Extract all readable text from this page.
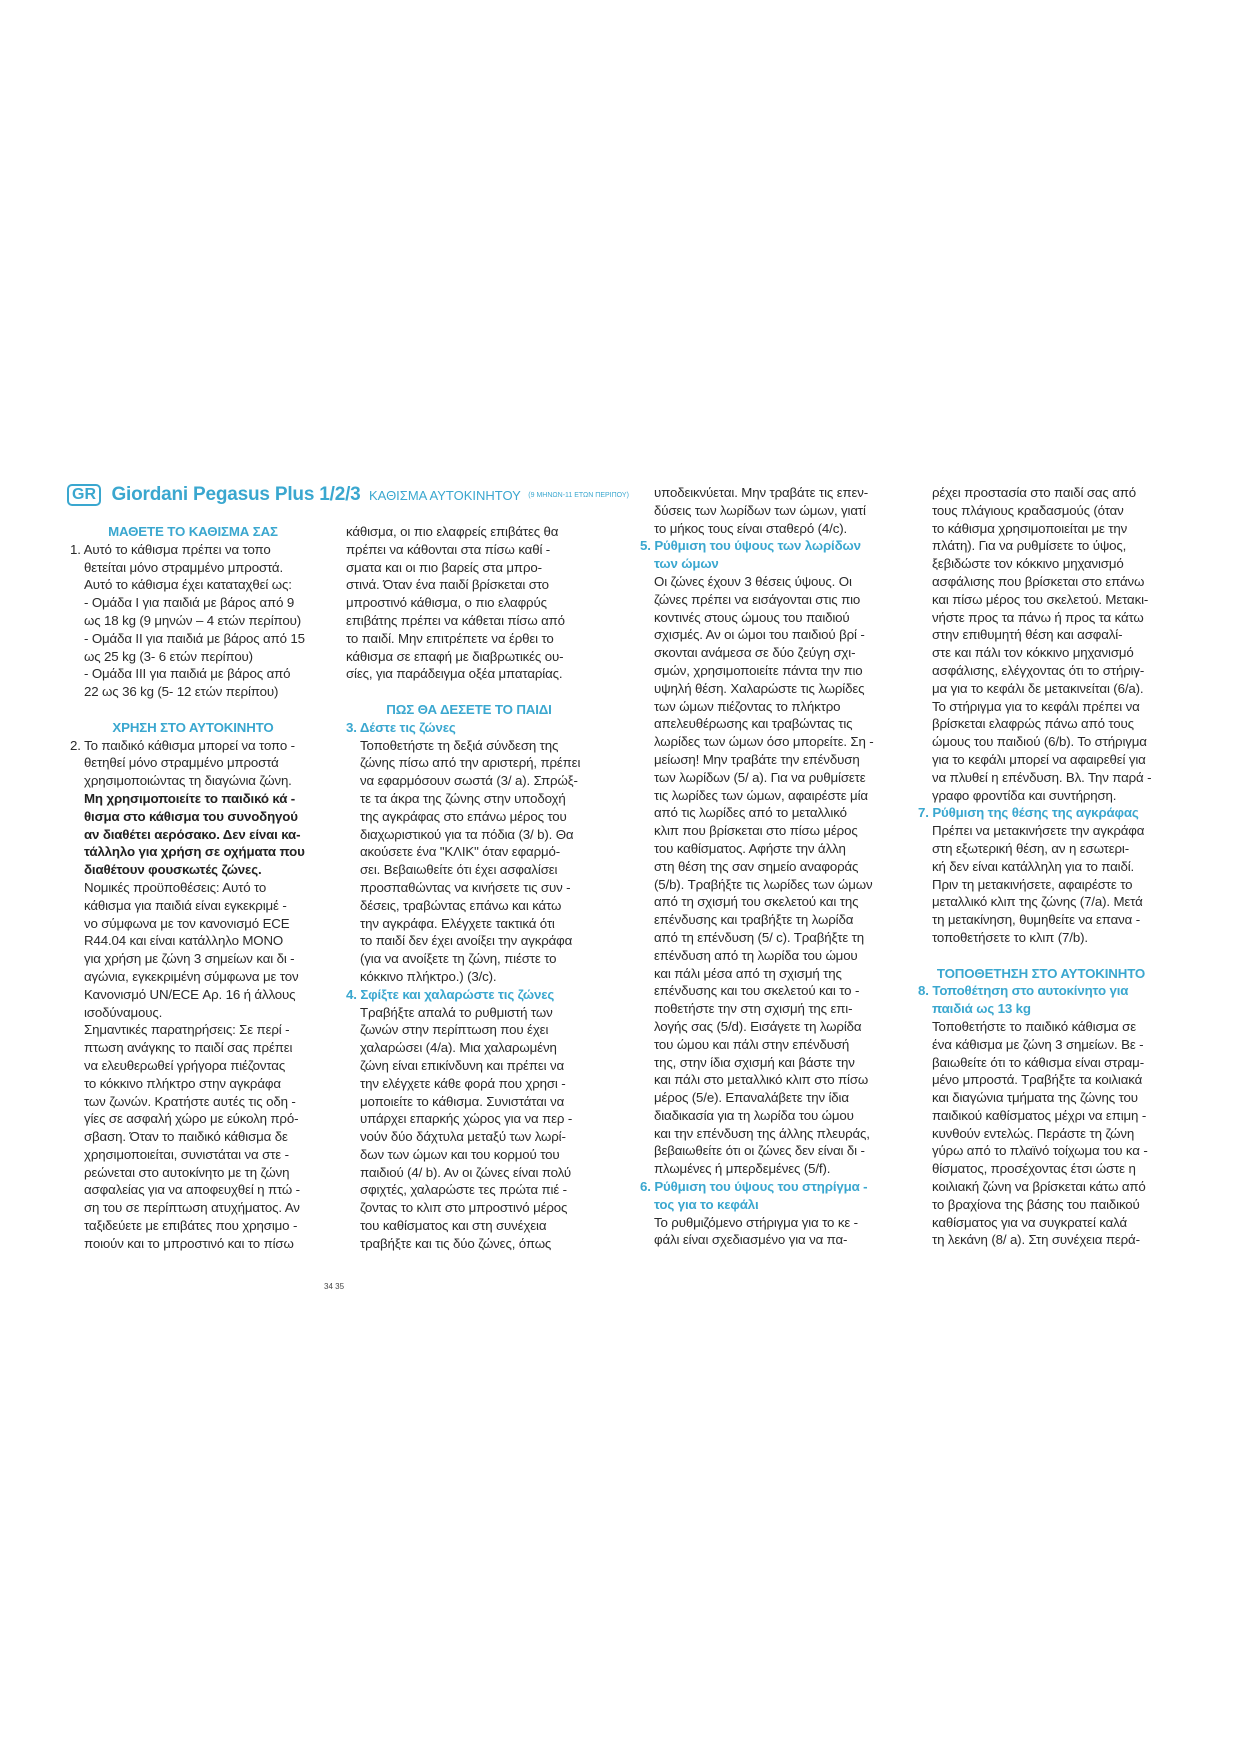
GR Giordani Pegasus Plus 1/2/3 ΚΑΘΙΣΜΑ ΑΥΤΟΚΙΝΗΤΟΥ (9 ΜΗΝΩΝ-11 ΕΤΩΝ ΠΕΡΙΠΟΥ)
ΜΑΘΕΤΕ ΤΟ ΚΑΘΙΣΜΑ ΣΑΣ
1. Αυτό το κάθισμα πρέπει να τοπο
θετείται μόνο στραμμένο μπροστά.
Αυτό το κάθισμα έχει καταταχθεί ως:
- Ομάδα I για παιδιά με βάρος από 9
ως 18 kg (9 μηνών – 4 ετών περίπου)
- Ομάδα II για παιδιά με βάρος από 15
ως 25 kg (3- 6 ετών περίπου)
- Ομάδα III για παιδιά με βάρος από
22 ως 36 kg (5- 12 ετών περίπου)
ΧΡΗΣΗ ΣΤΟ ΑΥΤΟΚΙΝΗΤΟ
2. Το παιδικό κάθισμα μπορεί να τοπο -
θετηθεί μόνο στραμμένο μπροστά
χρησιμοποιώντας τη διαγώνια ζώνη.
Μη χρησιμοποιείτε το παιδικό κά -
θισμα στο κάθισμα του συνοδηγού
αν διαθέτει αερόσακο. Δεν είναι κα-
τάλληλο για χρήση σε οχήματα που
διαθέτουν φουσκωτές ζώνες.
Νομικές προϋποθέσεις: Αυτό το
κάθισμα για παιδιά είναι εγκεκριμέ -
νο σύμφωνα με τον κανονισμό ECE
R44.04 και είναι κατάλληλο ΜΟΝΟ
για χρήση με ζώνη 3 σημείων και δι -
αγώνια, εγκεκριμένη σύμφωνα με τον
Κανονισμό UN/ECE Αρ. 16 ή άλλους
ισοδύναμους.
Σημαντικές παρατηρήσεις: Σε περί -
πτωση ανάγκης το παιδί σας πρέπει
να ελευθερωθεί γρήγορα πιέζοντας
το κόκκινο πλήκτρο στην αγκράφα
των ζωνών. Κρατήστε αυτές τις οδη -
γίες σε ασφαλή χώρο με εύκολη πρό-
σβαση. Όταν το παιδικό κάθισμα δε
χρησιμοποιείται, συνιστάται να στε -
ρεώνεται στο αυτοκίνητο με τη ζώνη
ασφαλείας για να αποφευχθεί η πτώ -
ση του σε περίπτωση ατυχήματος. Αν
ταξιδεύετε με επιβάτες που χρησιμο -
ποιούν και το μπροστινό και το πίσω
κάθισμα, οι πιο ελαφρείς επιβάτες θα
πρέπει να κάθονται στα πίσω καθί -
σματα και οι πιο βαρείς στα μπρο-
στινά. Όταν ένα παιδί βρίσκεται στο
μπροστινό κάθισμα, ο πιο ελαφρύς
επιβάτης πρέπει να κάθεται πίσω από
το παιδί. Μην επιτρέπετε να έρθει το
κάθισμα σε επαφή με διαβρωτικές ου-
σίες, για παράδειγμα οξέα μπαταρίας.
ΠΩΣ ΘΑ ΔΕΣΕΤΕ ΤΟ ΠΑΙΔΙ
3. Δέστε τις ζώνες
Τοποθετήστε τη δεξιά σύνδεση της
ζώνης πίσω από την αριστερή, πρέπει
να εφαρμόσουν σωστά (3/ a). Σπρώξ-
τε τα άκρα της ζώνης στην υποδοχή
της αγκράφας στο επάνω μέρος του
διαχωριστικού για τα πόδια (3/ b). Θα
ακούσετε ένα "ΚΛΙΚ" όταν εφαρμό-
σει. Βεβαιωθείτε ότι έχει ασφαλίσει
προσπαθώντας να κινήσετε τις συν -
δέσεις, τραβώντας επάνω και κάτω
την αγκράφα. Ελέγχετε τακτικά ότι
το παιδί δεν έχει ανοίξει την αγκράφα
(για να ανοίξετε τη ζώνη, πιέστε το
κόκκινο πλήκτρο.) (3/c).
4. Σφίξτε και χαλαρώστε τις ζώνες
Τραβήξτε απαλά το ρυθμιστή των
ζωνών στην περίπτωση που έχει
χαλαρώσει (4/a). Μια χαλαρωμένη
ζώνη είναι επικίνδυνη και πρέπει να
την ελέγχετε κάθε φορά που χρησι -
μοποιείτε το κάθισμα. Συνιστάται να
υπάρχει επαρκής χώρος για να περ -
νούν δύο δάχτυλα μεταξύ των λωρί-
δων των ώμων και του κορμού του
παιδιού (4/ b). Αν οι ζώνες είναι πολύ
σφιχτές, χαλαρώστε τες πρώτα πιέ -
ζοντας το κλιπ στο μπροστινό μέρος
του καθίσματος και στη συνέχεια
τραβήξτε και τις δύο ζώνες, όπως
υποδεικνύεται. Μην τραβάτε τις επεν-
δύσεις των λωρίδων των ώμων, γιατί
το μήκος τους είναι σταθερό (4/c).
5. Ρύθμιση του ύψους των λωρίδων
των ώμων
Οι ζώνες έχουν 3 θέσεις ύψους. Οι
ζώνες πρέπει να εισάγονται στις πιο
κοντινές στους ώμους του παιδιού
σχισμές. Αν οι ώμοι του παιδιού βρί -
σκονται ανάμεσα σε δύο ζεύγη σχι-
σμών, χρησιμοποιείτε πάντα την πιο
υψηλή θέση. Χαλαρώστε τις λωρίδες
των ώμων πιέζοντας το πλήκτρο
απελευθέρωσης και τραβώντας τις
λωρίδες των ώμων όσο μπορείτε. Ση -
μείωση! Μην τραβάτε την επένδυση
των λωρίδων (5/ a). Για να ρυθμίσετε
τις λωρίδες των ώμων, αφαιρέστε μία
από τις λωρίδες από το μεταλλικό
κλιπ που βρίσκεται στο πίσω μέρος
του καθίσματος. Αφήστε την άλλη
στη θέση της σαν σημείο αναφοράς
(5/b). Τραβήξτε τις λωρίδες των ώμων
από τη σχισμή του σκελετού και της
επένδυσης και τραβήξτε τη λωρίδα
από τη επένδυση (5/ c). Τραβήξτε τη
επένδυση από τη λωρίδα του ώμου
και πάλι μέσα από τη σχισμή της
επένδυσης και του σκελετού και το -
ποθετήστε την στη σχισμή της επι-
λογής σας (5/d). Εισάγετε τη λωρίδα
του ώμου και πάλι στην επένδυσή
της, στην ίδια σχισμή και βάστε την
και πάλι στο μεταλλικό κλιπ στο πίσω
μέρος (5/e). Επαναλάβετε την ίδια
διαδικασία για τη λωρίδα του ώμου
και την επένδυση της άλλης πλευράς,
βεβαιωθείτε ότι οι ζώνες δεν είναι δι -
πλωμένες ή μπερδεμένες (5/f).
6. Ρύθμιση του ύψους του στηρίγμα -
τος για το κεφάλι
Το ρυθμιζόμενο στήριγμα για το κε -
φάλι είναι σχεδιασμένο για να πα-
ρέχει προστασία στο παιδί σας από
τους πλάγιους κραδασμούς (όταν
το κάθισμα χρησιμοποιείται με την
πλάτη). Για να ρυθμίσετε το ύψος,
ξεβιδώστε τον κόκκινο μηχανισμό
ασφάλισης που βρίσκεται στο επάνω
και πίσω μέρος του σκελετού. Μετακι-
νήστε προς τα πάνω ή προς τα κάτω
στην επιθυμητή θέση και ασφαλί-
στε και πάλι τον κόκκινο μηχανισμό
ασφάλισης, ελέγχοντας ότι το στήριγ-
μα για το κεφάλι δε μετακινείται (6/a).
Το στήριγμα για το κεφάλι πρέπει να
βρίσκεται ελαφρώς πάνω από τους
ώμους του παιδιού (6/b). Το στήριγμα
για το κεφάλι μπορεί να αφαιρεθεί για
να πλυθεί η επένδυση. Βλ. Την παρά -
γραφο φροντίδα και συντήρηση.
7. Ρύθμιση της θέσης της αγκράφας
Πρέπει να μετακινήσετε την αγκράφα
στη εξωτερική θέση, αν η εσωτερι-
κή δεν είναι κατάλληλη για το παιδί.
Πριν τη μετακινήσετε, αφαιρέστε το
μεταλλικό κλιπ της ζώνης (7/a). Μετά
τη μετακίνηση, θυμηθείτε να επανα -
τοποθετήσετε το κλιπ (7/b).
ΤΟΠΟΘΕΤΗΣΗ ΣΤΟ ΑΥΤΟΚΙΝΗΤΟ
8. Τοποθέτηση στο αυτοκίνητο για
παιδιά ως 13 kg
Τοποθετήστε το παιδικό κάθισμα σε
ένα κάθισμα με ζώνη 3 σημείων. Βε -
βαιωθείτε ότι το κάθισμα είναι στραμ-
μένο μπροστά. Τραβήξτε τα κοιλιακά
και διαγώνια τμήματα της ζώνης του
παιδικού καθίσματος μέχρι να επιμη -
κυνθούν εντελώς. Περάστε τη ζώνη
γύρω από το πλαϊνό τοίχωμα του κα -
θίσματος, προσέχοντας έτσι ώστε η
κοιλιακή ζώνη να βρίσκεται κάτω από
το βραχίονα της βάσης του παιδικού
καθίσματος για να συγκρατεί καλά
τη λεκάνη (8/ a). Στη συνέχεια περά-
34 35
